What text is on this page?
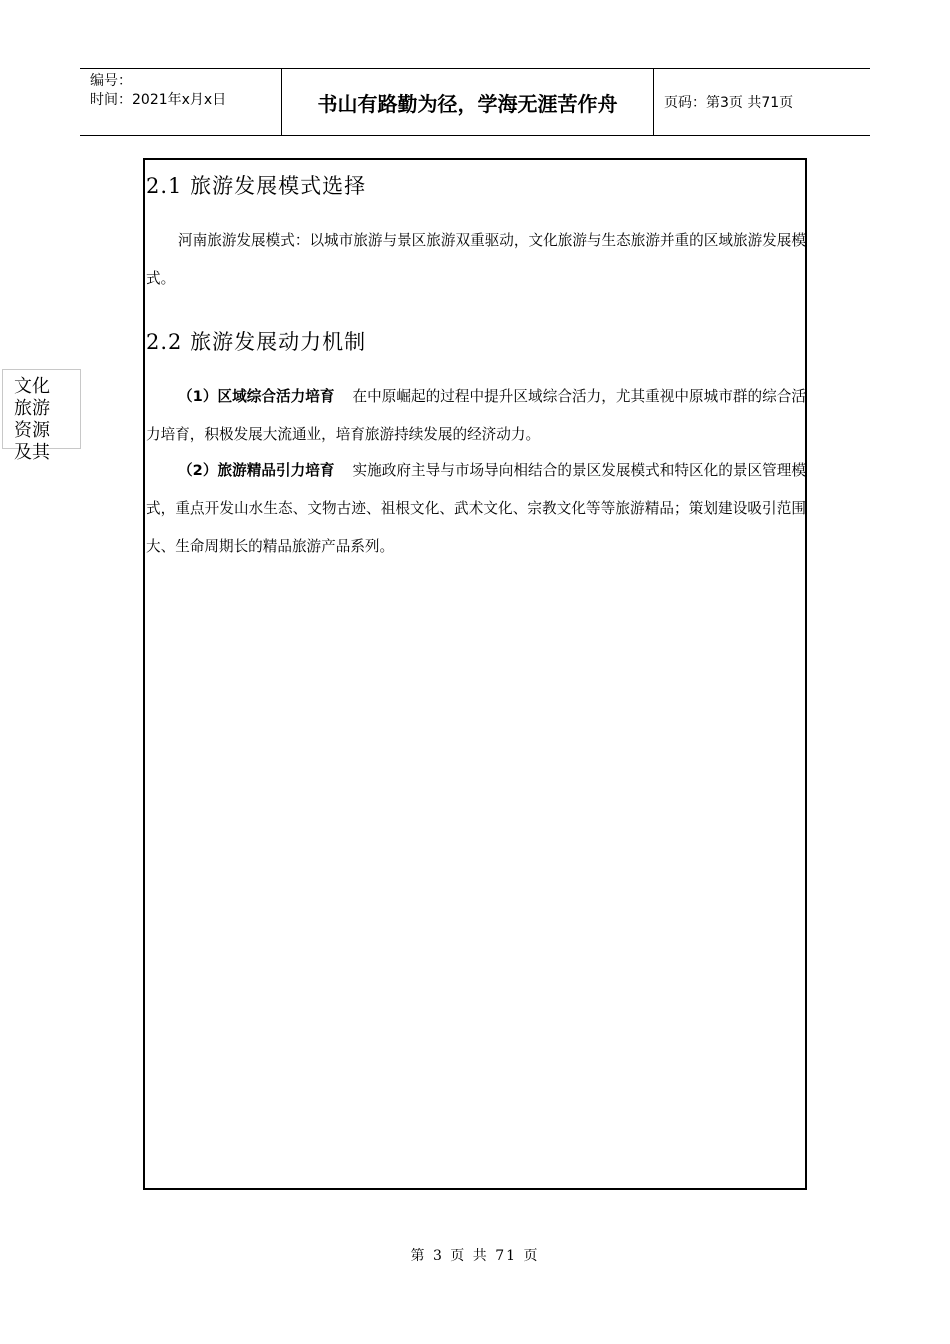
编号：
时间：2021年x月x日	书山有路勤为径，学海无涯苦作舟	页码：第3页 共71页
文化旅游资源及其
2.1 旅游发展模式选择
河南旅游发展模式：以城市旅游与景区旅游双重驱动，文化旅游与生态旅游并重的区域旅游发展模式。
2.2 旅游发展动力机制
（1）区域综合活力培育 在中原崛起的过程中提升区域综合活力，尤其重视中原城市群的综合活力培育，积极发展大流通业，培育旅游持续发展的经济动力。
（2）旅游精品引力培育 实施政府主导与市场导向相结合的景区发展模式和特区化的景区管理模式，重点开发山水生态、文物古迹、祖根文化、武术文化、宗教文化等等旅游精品；策划建设吸引范围大、生命周期长的精品旅游产品系列。
第 3 页 共 71 页
